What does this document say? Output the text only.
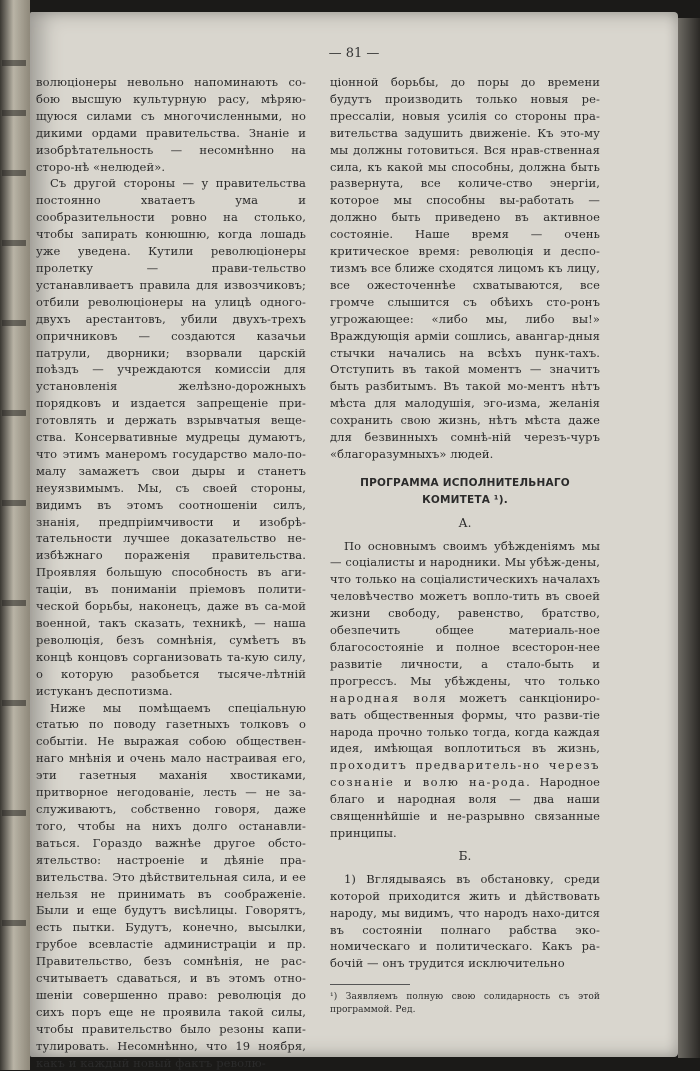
— 81 —

волюціонеры невольно напоминають со-бою высшую культурную расу, мѣряю-щуюся силами съ многочисленными, но дикими ордами правительства. Знаніе и изобрѣтательность — несомнѣнно на сторо-нѣ «нелюдей».

Съ другой стороны — у правительства постоянно хватаетъ ума и сообразительности ровно на столько, чтобы запирать конюшню, когда лошадь уже уведена. Кутили революціонеры пролетку — прави-тельство устанавливаетъ правила для извозчиковъ; отбили революціонеры на улицѣ одного-двухъ арестантовъ, убили двухъ-трехъ опричниковъ — создаются казачьи патрули, дворники; взорвали царскій поѣздъ — учреждаются комиссіи для установленія желѣзно-дорожныхъ порядковъ и издается запрещеніе при-готовлять и держать взрывчатыя веще-ства. Консервативные мудрецы думаютъ, что этимъ манеромъ государство мало-по-малу замажетъ свои дыры и станетъ неуязвимымъ. Мы, съ своей стороны, видимъ въ этомъ соотношеніи силъ, знанія, предпріимчивости и изобрѣ-тательности лучшее доказательство не-избѣжнаго пораженія правительства. Проявляя большую способность въ аги-таціи, въ пониманіи пріемовъ полити-ческой борьбы, наконецъ, даже въ са-мой военной, такъ сказать, техникѣ, — наша революція, безъ сомнѣнія, сумѣетъ въ концѣ концовъ сорганизовать та-кую силу, о которую разобьется тысяче-лѣтній истуканъ деспотизма.

Ниже мы помѣщаемъ спеціальную статью по поводу газетныхъ толковъ о событіи. Не выражая собою обществен-наго мнѣнія и очень мало настраивая его, эти газетныя маханія хвостиками, притворное негодованіе, лесть — не за-служиваютъ, собственно говоря, даже того, чтобы на нихъ долго останавли-ваться. Гораздо важнѣе другое обсто-ятельство: настроеніе и дѣяніе пра-вительства. Это дѣйствительная сила, и ее нельзя не принимать въ соображеніе. Были и еще будутъ висѣлицы. Говорятъ, есть пытки. Будутъ, конечно, высылки, грубое всевластіе администраціи и пр. Правительство, безъ сомнѣнія, не рас-считываетъ сдаваться, и въ этомъ отно-шеніи совершенно право: революція до сихъ поръ еще не проявила такой силы, чтобы правительство было резоны капи-тулировать. Несомнѣнно, что 19 ноября, какъ и каждый новый фактъ револю-

ціонной борьбы, до поры до времени будутъ производить только новыя ре-прессаліи, новыя усилія со стороны пра-вительства задушить движеніе. Къ это-му мы должны готовиться. Вся нрав-ственная сила, къ какой мы способны, должна быть развернута, все количе-ство энергіи, которое мы способны вы-работать — должно быть приведено въ активное состояніе. Наше время — очень критическое время: революція и деспо-тизмъ все ближе сходятся лицомъ къ лицу, все ожесточеннѣе схватываются, все громче слышится съ обѣихъ сто-ронъ угрожающее: «либо мы, либо вы!» Враждующія арміи сошлись, авангар-дныя стычки начались на всѣхъ пунк-тахъ. Отступить въ такой моментъ — значитъ быть разбитымъ. Въ такой мо-ментъ нѣтъ мѣста для малодушія, эго-изма, желанія сохранить свою жизнь, нѣтъ мѣста даже для безвинныхъ сомнѣ-ній черезъ-чуръ «благоразумныхъ» людей.

ПРОГРАММА ИСПОЛНИТЕЛЬНАГО КОМИТЕТА ¹).
А.

По основнымъ своимъ убѣжденіямъ мы — соціалисты и народники. Мы убѣж-дены, что только на соціалистическихъ началахъ человѣчество можетъ вопло-тить въ своей жизни свободу, равенство, братство, обезпечить общее материаль-ное благосостояніе и полное всесторон-нее развитіе личности, а стало-быть и прогрессъ. Мы убѣждены, что только народная воля можетъ санкціониро-вать общественныя формы, что разви-тіе народа прочно только тогда, когда каждая идея, имѣющая воплотиться въ жизнь, проходитъ предваритель-но черезъ сознаніе и волю на-рода. Народное благо и народная воля — два наши священнѣйшіе и не-разрывно связанные принципы.

Б.

1) Вглядываясь въ обстановку, среди которой приходится жить и дѣйствовать народу, мы видимъ, что народъ нахо-дится въ состояніи полнаго рабства эко-номическаго и политическаго. Какъ ра-бочій — онъ трудится исключительно

¹) Заявляемъ полную свою солидарность съ этой программой. Ред.
